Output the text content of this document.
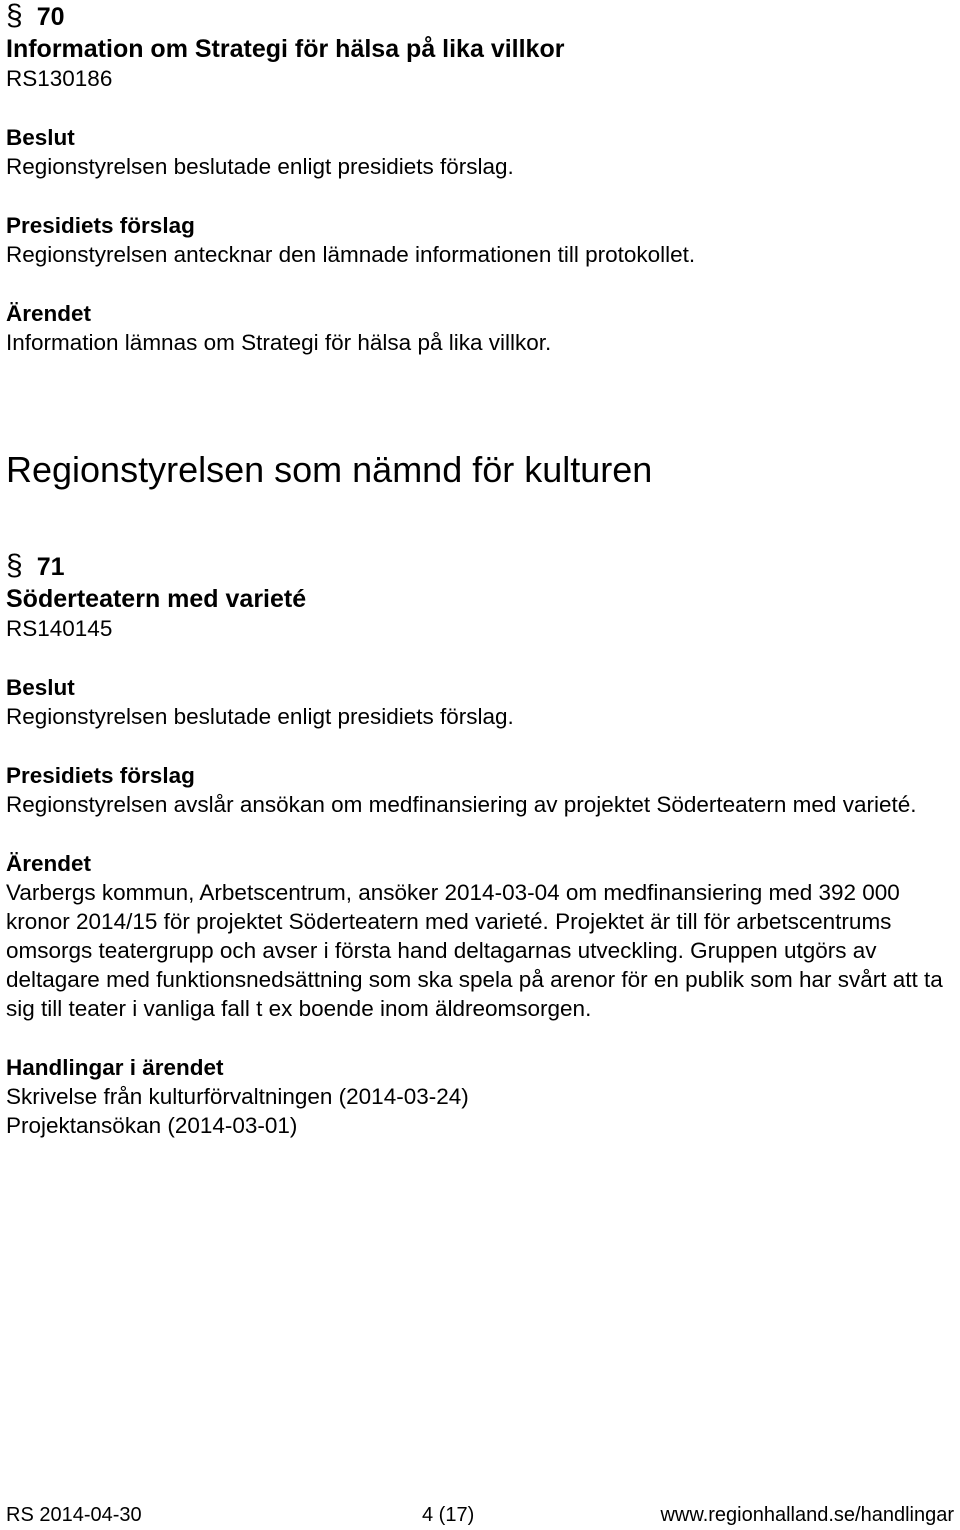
§ 70
Information om Strategi för hälsa på lika villkor
RS130186
Beslut

Regionstyrelsen beslutade enligt presidiets förslag.

Presidiets förslag

Regionstyrelsen antecknar den lämnade informationen till protokollet.

Ärendet

Information lämnas om Strategi för hälsa på lika villkor.

Regionstyrelsen som nämnd för kulturen
§ 71
Söderteatern med varieté
RS140145
Beslut

Regionstyrelsen beslutade enligt presidiets förslag.

Presidiets förslag

Regionstyrelsen avslår ansökan om medfinansiering av projektet Söderteatern med varieté.

Ärendet

Varbergs kommun, Arbetscentrum, ansöker 2014-03-04 om medfinansiering med 392 000 kronor 2014/15 för projektet Söderteatern med varieté. Projektet är till för arbetscentrums omsorgs teatergrupp och avser i första hand deltagarnas utveckling. Gruppen utgörs av deltagare med funktionsnedsättning som ska spela på arenor för en publik som har svårt att ta sig till teater i vanliga fall t ex boende inom äldreomsorgen.

Handlingar i ärendet
Skrivelse från kulturförvaltningen (2014-03-24)
Projektansökan (2014-03-01)
RS 2014-04-30	4 (17)	www.regionhalland.se/handlingar
